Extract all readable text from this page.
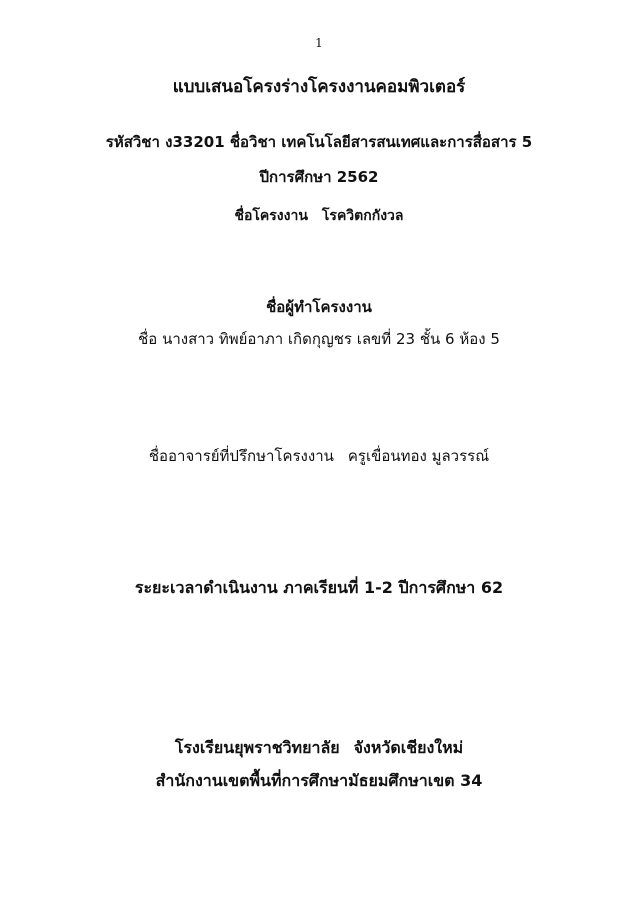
1
แบบเสนอโครงร่างโครงงานคอมพิวเตอร์
รหัสวิชา ง33201 ชื่อวิชา เทคโนโลยีสารสนเทศและการสื่อสาร 5
ปีการศึกษา 2562
ชื่อโครงงาน โรควิตกกังวล
ชื่อผู้ทำโครงงาน
ชื่อ นางสาว ทิพย์อาภา เกิดกุญชร เลขที่ 23 ชั้น 6 ห้อง 5
ชื่ออาจารย์ที่ปรึกษาโครงงาน ครูเขื่อนทอง มูลวรรณ์
ระยะเวลาดำเนินงาน ภาคเรียนที่ 1-2 ปีการศึกษา 62
โรงเรียนยุพราชวิทยาลัย จังหวัดเชียงใหม่
สำนักงานเขตพื้นที่การศึกษามัธยมศึกษาเขต 34
